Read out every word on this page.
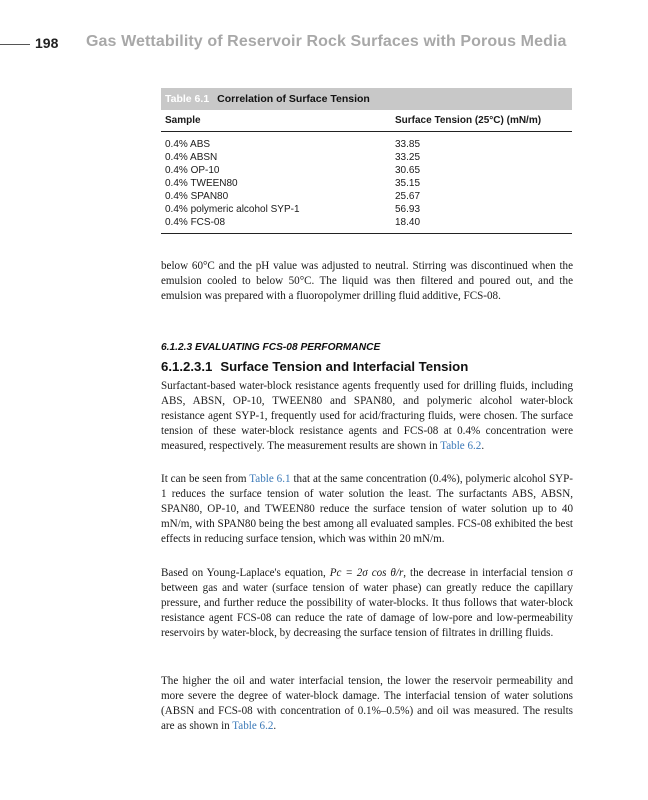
198 Gas Wettability of Reservoir Rock Surfaces with Porous Media
Table 6.1 Correlation of Surface Tension
Sample	Surface Tension (25°C) (mN/m)
0.4% ABS	33.85
0.4% ABSN	33.25
0.4% OP-10	30.65
0.4% TWEEN80	35.15
0.4% SPAN80	25.67
0.4% polymeric alcohol SYP-1	56.93
0.4% FCS-08	18.40

below 60°C and the pH value was adjusted to neutral. Stirring was discontinued when the emulsion cooled to below 50°C. The liquid was then filtered and poured out, and the emulsion was prepared with a fluoropolymer drilling fluid additive, FCS-08.

6.1.2.3 EVALUATING FCS-08 PERFORMANCE
6.1.2.3.1 Surface Tension and Interfacial Tension

Surfactant-based water-block resistance agents frequently used for drilling fluids, including ABS, ABSN, OP-10, TWEEN80 and SPAN80, and polymeric alcohol water-block resistance agent SYP-1, frequently used for acid/fracturing fluids, were chosen. The surface tension of these water-block resistance agents and FCS-08 at 0.4% concentration were measured, respectively. The measurement results are shown in Table 6.2.

It can be seen from Table 6.1 that at the same concentration (0.4%), polymeric alcohol SYP-1 reduces the surface tension of water solution the least. The surfactants ABS, ABSN, SPAN80, OP-10, and TWEEN80 reduce the surface tension of water solution up to 40 mN/m, with SPAN80 being the best among all evaluated samples. FCS-08 exhibited the best effects in reducing surface tension, which was within 20 mN/m.

Based on Young-Laplace's equation, Pc = 2σ cos θ/r, the decrease in interfacial tension σ between gas and water (surface tension of water phase) can greatly reduce the capillary pressure, and further reduce the possibility of water-blocks. It thus follows that water-block resistance agent FCS-08 can reduce the rate of damage of low-pore and low-permeability reservoirs by water-block, by decreasing the surface tension of filtrates in drilling fluids.

The higher the oil and water interfacial tension, the lower the reservoir permeability and more severe the degree of water-block damage. The interfacial tension of water solutions (ABSN and FCS-08 with concentration of 0.1%–0.5%) and oil was measured. The results are as shown in Table 6.2.
